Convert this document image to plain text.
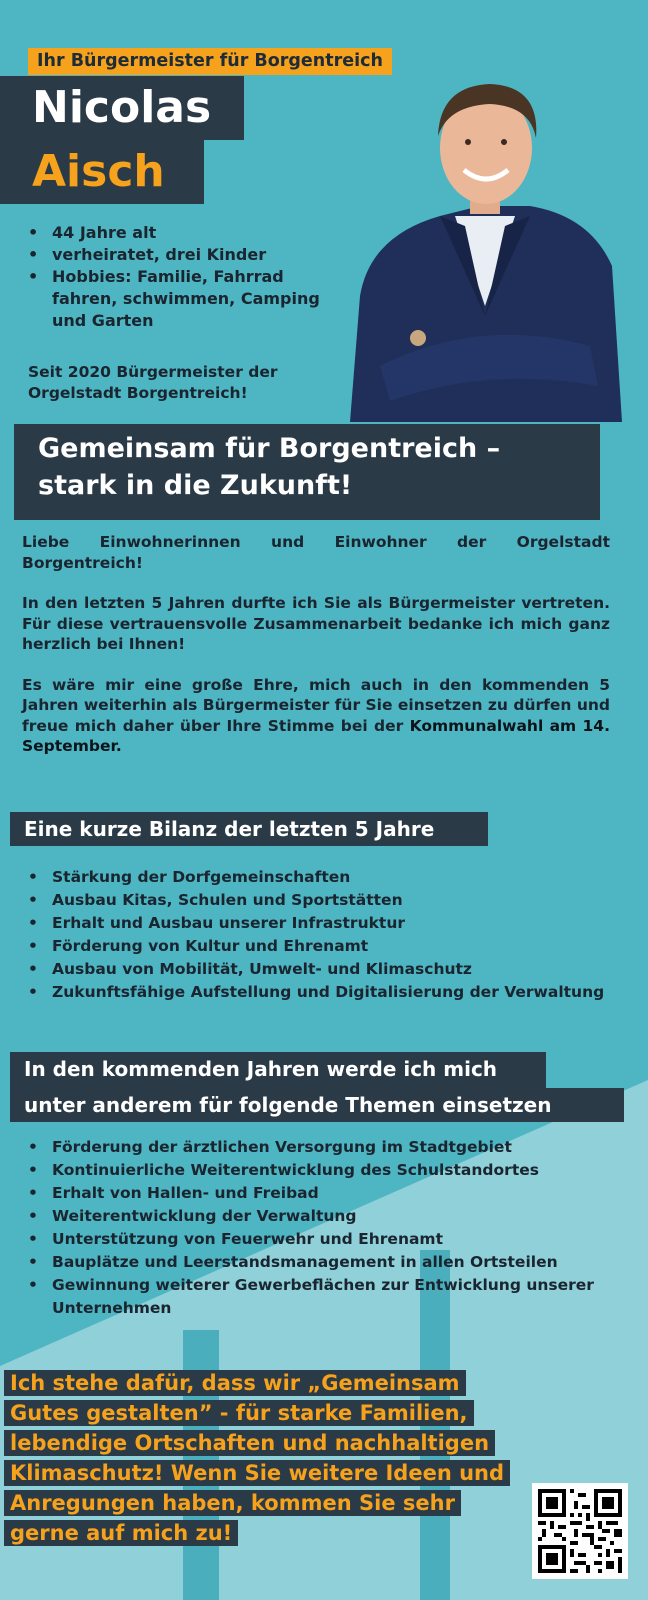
Ihr Bürgermeister für Borgentreich
Nicolas
Aisch
• 44 Jahre alt
• verheiratet, drei Kinder
• Hobbies: Familie, Fahrrad fahren, schwimmen, Camping und Garten
Seit 2020 Bürgermeister der Orgelstadt Borgentreich!
Gemeinsam für Borgentreich –
stark in die Zukunft!

Liebe Einwohnerinnen und Einwohner der Orgelstadt Borgentreich!

In den letzten 5 Jahren durfte ich Sie als Bürgermeister vertreten. Für diese vertrauensvolle Zusammenarbeit bedanke ich mich ganz herzlich bei Ihnen!

Es wäre mir eine große Ehre, mich auch in den kommenden 5 Jahren weiterhin als Bürgermeister für Sie einsetzen zu dürfen und freue mich daher über Ihre Stimme bei der Kommunalwahl am 14. September.

Eine kurze Bilanz der letzten 5 Jahre
• Stärkung der Dorfgemeinschaften
• Ausbau Kitas, Schulen und Sportstätten
• Erhalt und Ausbau unserer Infrastruktur
• Förderung von Kultur und Ehrenamt
• Ausbau von Mobilität, Umwelt- und Klimaschutz
• Zukunftsfähige Aufstellung und Digitalisierung der Verwaltung
In den kommenden Jahren werde ich mich
unter anderem für folgende Themen einsetzen
• Förderung der ärztlichen Versorgung im Stadtgebiet
• Kontinuierliche Weiterentwicklung des Schulstandortes
• Erhalt von Hallen- und Freibad
• Weiterentwicklung der Verwaltung
• Unterstützung von Feuerwehr und Ehrenamt
• Bauplätze und Leerstandsmanagement in allen Ortsteilen
• Gewinnung weiterer Gewerbeflächen zur Entwicklung unserer Unternehmen
Ich stehe dafür, dass wir „Gemeinsam Gutes gestalten” - für starke Familien, lebendige Ortschaften und nachhaltigen Klimaschutz! Wenn Sie weitere Ideen und Anregungen haben, kommen Sie sehr gerne auf mich zu!
